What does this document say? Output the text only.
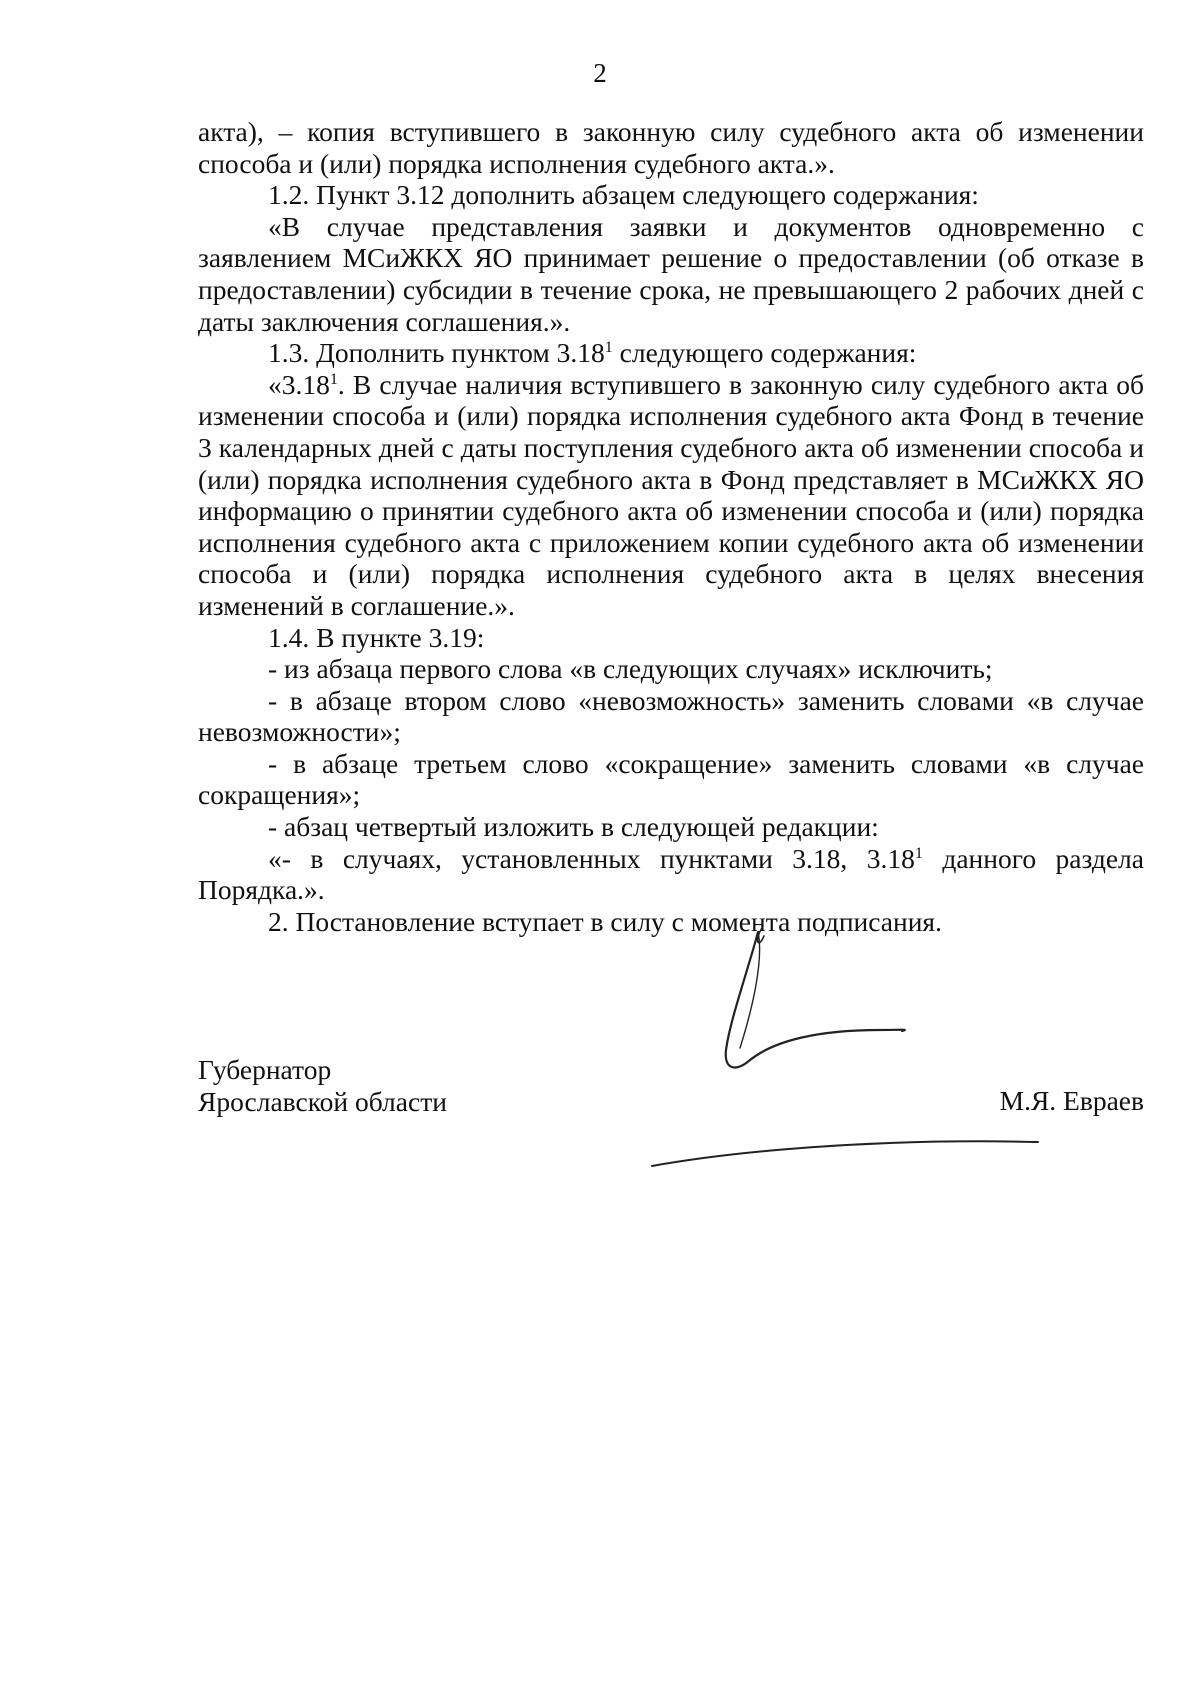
2

акта), – копия вступившего в законную силу судебного акта об изменении способа и (или) порядка исполнения судебного акта.».

1.2. Пункт 3.12 дополнить абзацем следующего содержания:

«В случае представления заявки и документов одновременно с заявлением МСиЖКХ ЯО принимает решение о предоставлении (об отказе в предоставлении) субсидии в течение срока, не превышающего 2 рабочих дней с даты заключения соглашения.».

1.3. Дополнить пунктом 3.18$^1$ следующего содержания:

«3.18$^1$. В случае наличия вступившего в законную силу судебного акта об изменении способа и (или) порядка исполнения судебного акта Фонд в течение 3 календарных дней с даты поступления судебного акта об изменении способа и (или) порядка исполнения судебного акта в Фонд представляет в МСиЖКХ ЯО информацию о принятии судебного акта об изменении способа и (или) порядка исполнения судебного акта с приложением копии судебного акта об изменении способа и (или) порядка исполнения судебного акта в целях внесения изменений в соглашение.».

1.4. В пункте 3.19:

- из абзаца первого слова «в следующих случаях» исключить;

- в абзаце втором слово «невозможность» заменить словами «в случае невозможности»;

- в абзаце третьем слово «сокращение» заменить словами «в случае сокращения»;

- абзац четвертый изложить в следующей редакции:

«- в случаях, установленных пунктами 3.18, 3.18$^1$ данного раздела Порядка.».

2. Постановление вступает в силу с момента подписания.

Губернатор
Ярославской области	М.Я. Евраев
